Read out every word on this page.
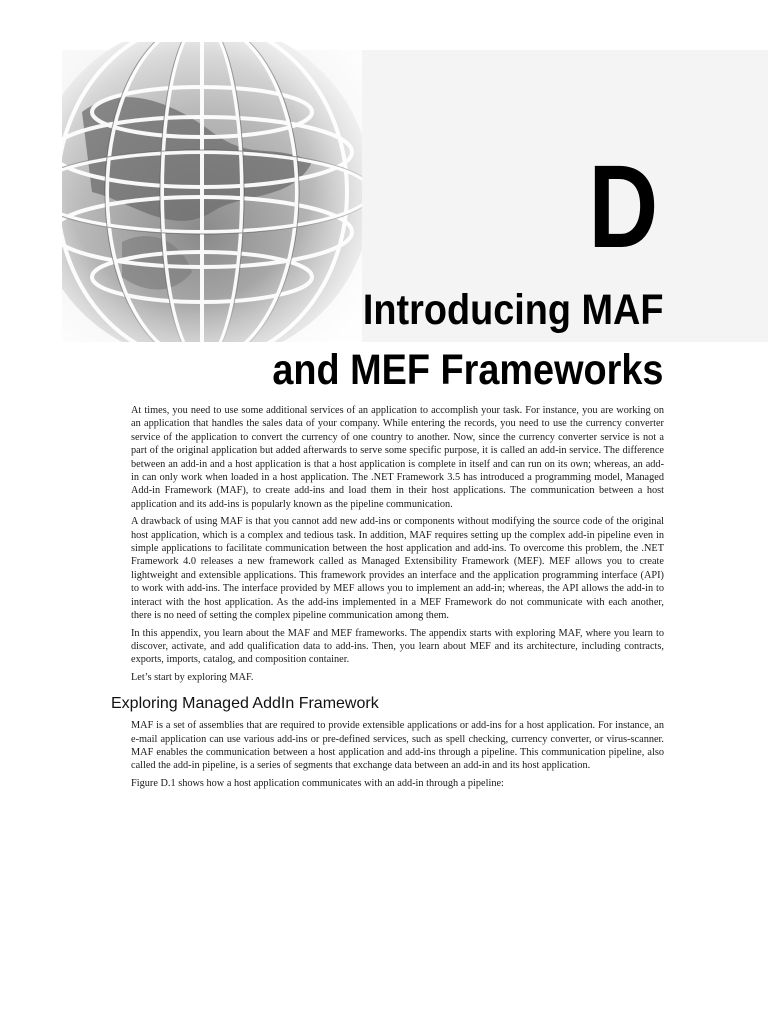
D
Introducing MAF
and MEF Frameworks

At times, you need to use some additional services of an application to accomplish your task. For instance, you are working on an application that handles the sales data of your company. While entering the records, you need to use the currency converter service of the application to convert the currency of one country to another. Now, since the currency converter service is not a part of the original application but added afterwards to serve some specific purpose, it is called an add-in service. The difference between an add-in and a host application is that a host application is complete in itself and can run on its own; whereas, an add-in can only work when loaded in a host application. The .NET Framework 3.5 has introduced a programming model, Managed Add-in Framework (MAF), to create add-ins and load them in their host applications. The communication between a host application and its add-ins is popularly known as the pipeline communication.

A drawback of using MAF is that you cannot add new add-ins or components without modifying the source code of the original host application, which is a complex and tedious task. In addition, MAF requires setting up the complex add-in pipeline even in simple applications to facilitate communication between the host application and add-ins. To overcome this problem, the .NET Framework 4.0 releases a new framework called as Managed Extensibility Framework (MEF). MEF allows you to create lightweight and extensible applications. This framework provides an interface and the application programming interface (API) to work with add-ins. The interface provided by MEF allows you to implement an add-in; whereas, the API allows the add-in to interact with the host application. As the add-ins implemented in a MEF Framework do not communicate with each another, there is no need of setting the complex pipeline communication among them.

In this appendix, you learn about the MAF and MEF frameworks. The appendix starts with exploring MAF, where you learn to discover, activate, and add qualification data to add-ins. Then, you learn about MEF and its architecture, including contracts, exports, imports, catalog, and composition container.

Let’s start by exploring MAF.

Exploring Managed AddIn Framework

MAF is a set of assemblies that are required to provide extensible applications or add-ins for a host application. For instance, an e-mail application can use various add-ins or pre-defined services, such as spell checking, currency converter, or virus-scanner. MAF enables the communication between a host application and add-ins through a pipeline. This communication pipeline, also called the add-in pipeline, is a series of segments that exchange data between an add-in and its host application.

Figure D.1 shows how a host application communicates with an add-in through a pipeline:
